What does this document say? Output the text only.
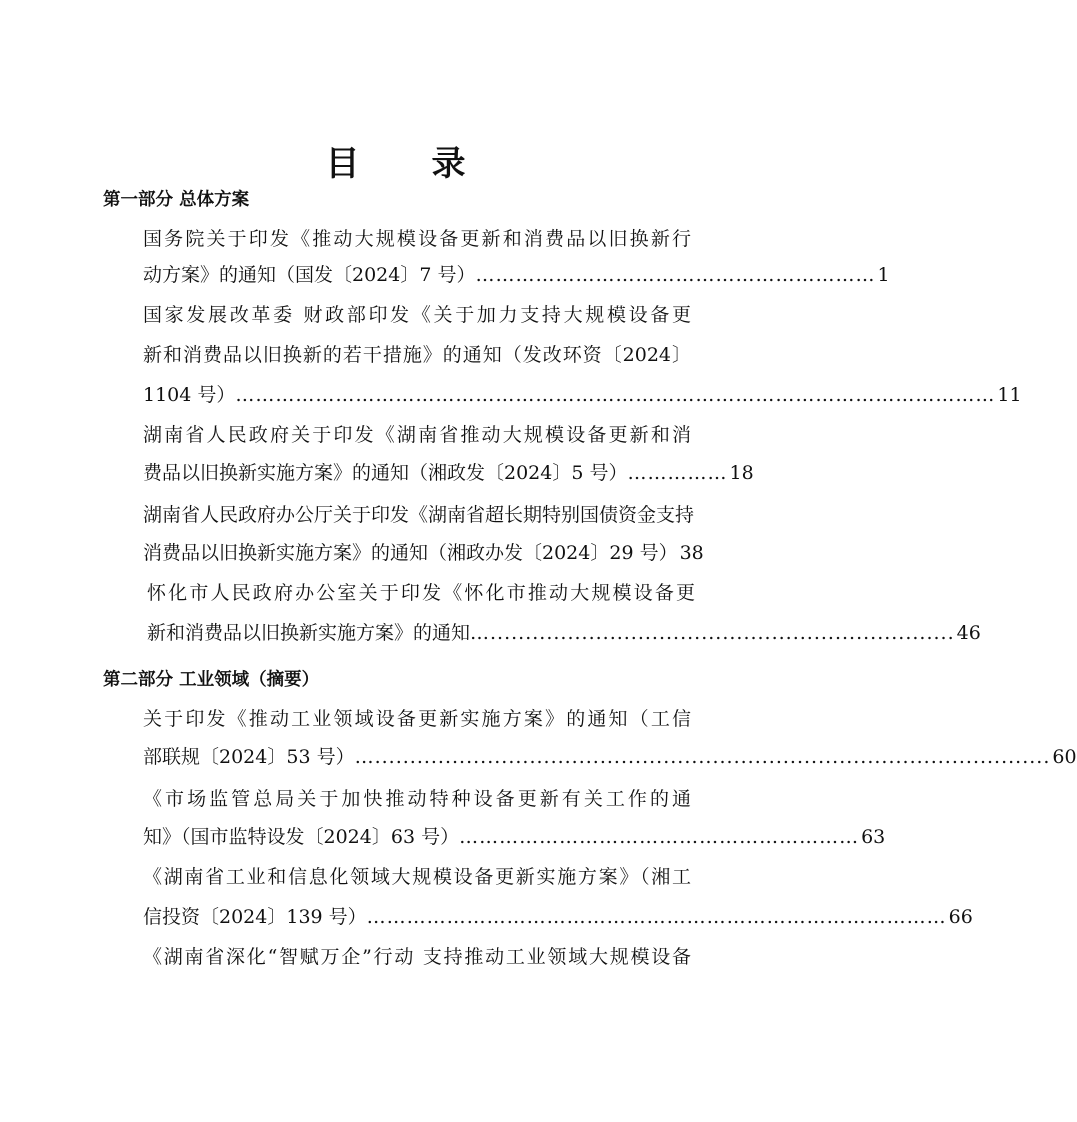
目 录
第一部分 总体方案
国务院关于印发《推动大规模设备更新和消费品以旧换新行
动方案》的通知（国发〔2024〕7 号） …………………………………………………… 1
国家发展改革委 财政部印发《关于加力支持大规模设备更
新和消费品以旧换新的若干措施》的通知（发改环资〔2024〕
1104 号） …………………………………………………………………………………………………… 11
湖南省人民政府关于印发《湖南省推动大规模设备更新和消
费品以旧换新实施方案》的通知（湘政发〔2024〕5 号） …………… 18
湖南省人民政府办公厅关于印发《湖南省超长期特别国债资金支持
消费品以旧换新实施方案》的通知（湘政办发〔2024〕29 号） 38
怀化市人民政府办公室关于印发《怀化市推动大规模设备更
新和消费品以旧换新实施方案》的通知 ….................................................................. 46
第二部分 工业领域（摘要）
关于印发《推动工业领域设备更新实施方案》的通知（工信
部联规〔2024〕53 号） …................................................................................................ 60
《市场监管总局关于加快推动特种设备更新有关工作的通
知》（国市监特设发〔2024〕63 号） …………………………………………………… 63
《湖南省工业和信息化领域大规模设备更新实施方案》（湘工
信投资〔2024〕139 号） …………………………………………………………………………… 66
《湖南省深化“智赋万企”行动 支持推动工业领域大规模设备
